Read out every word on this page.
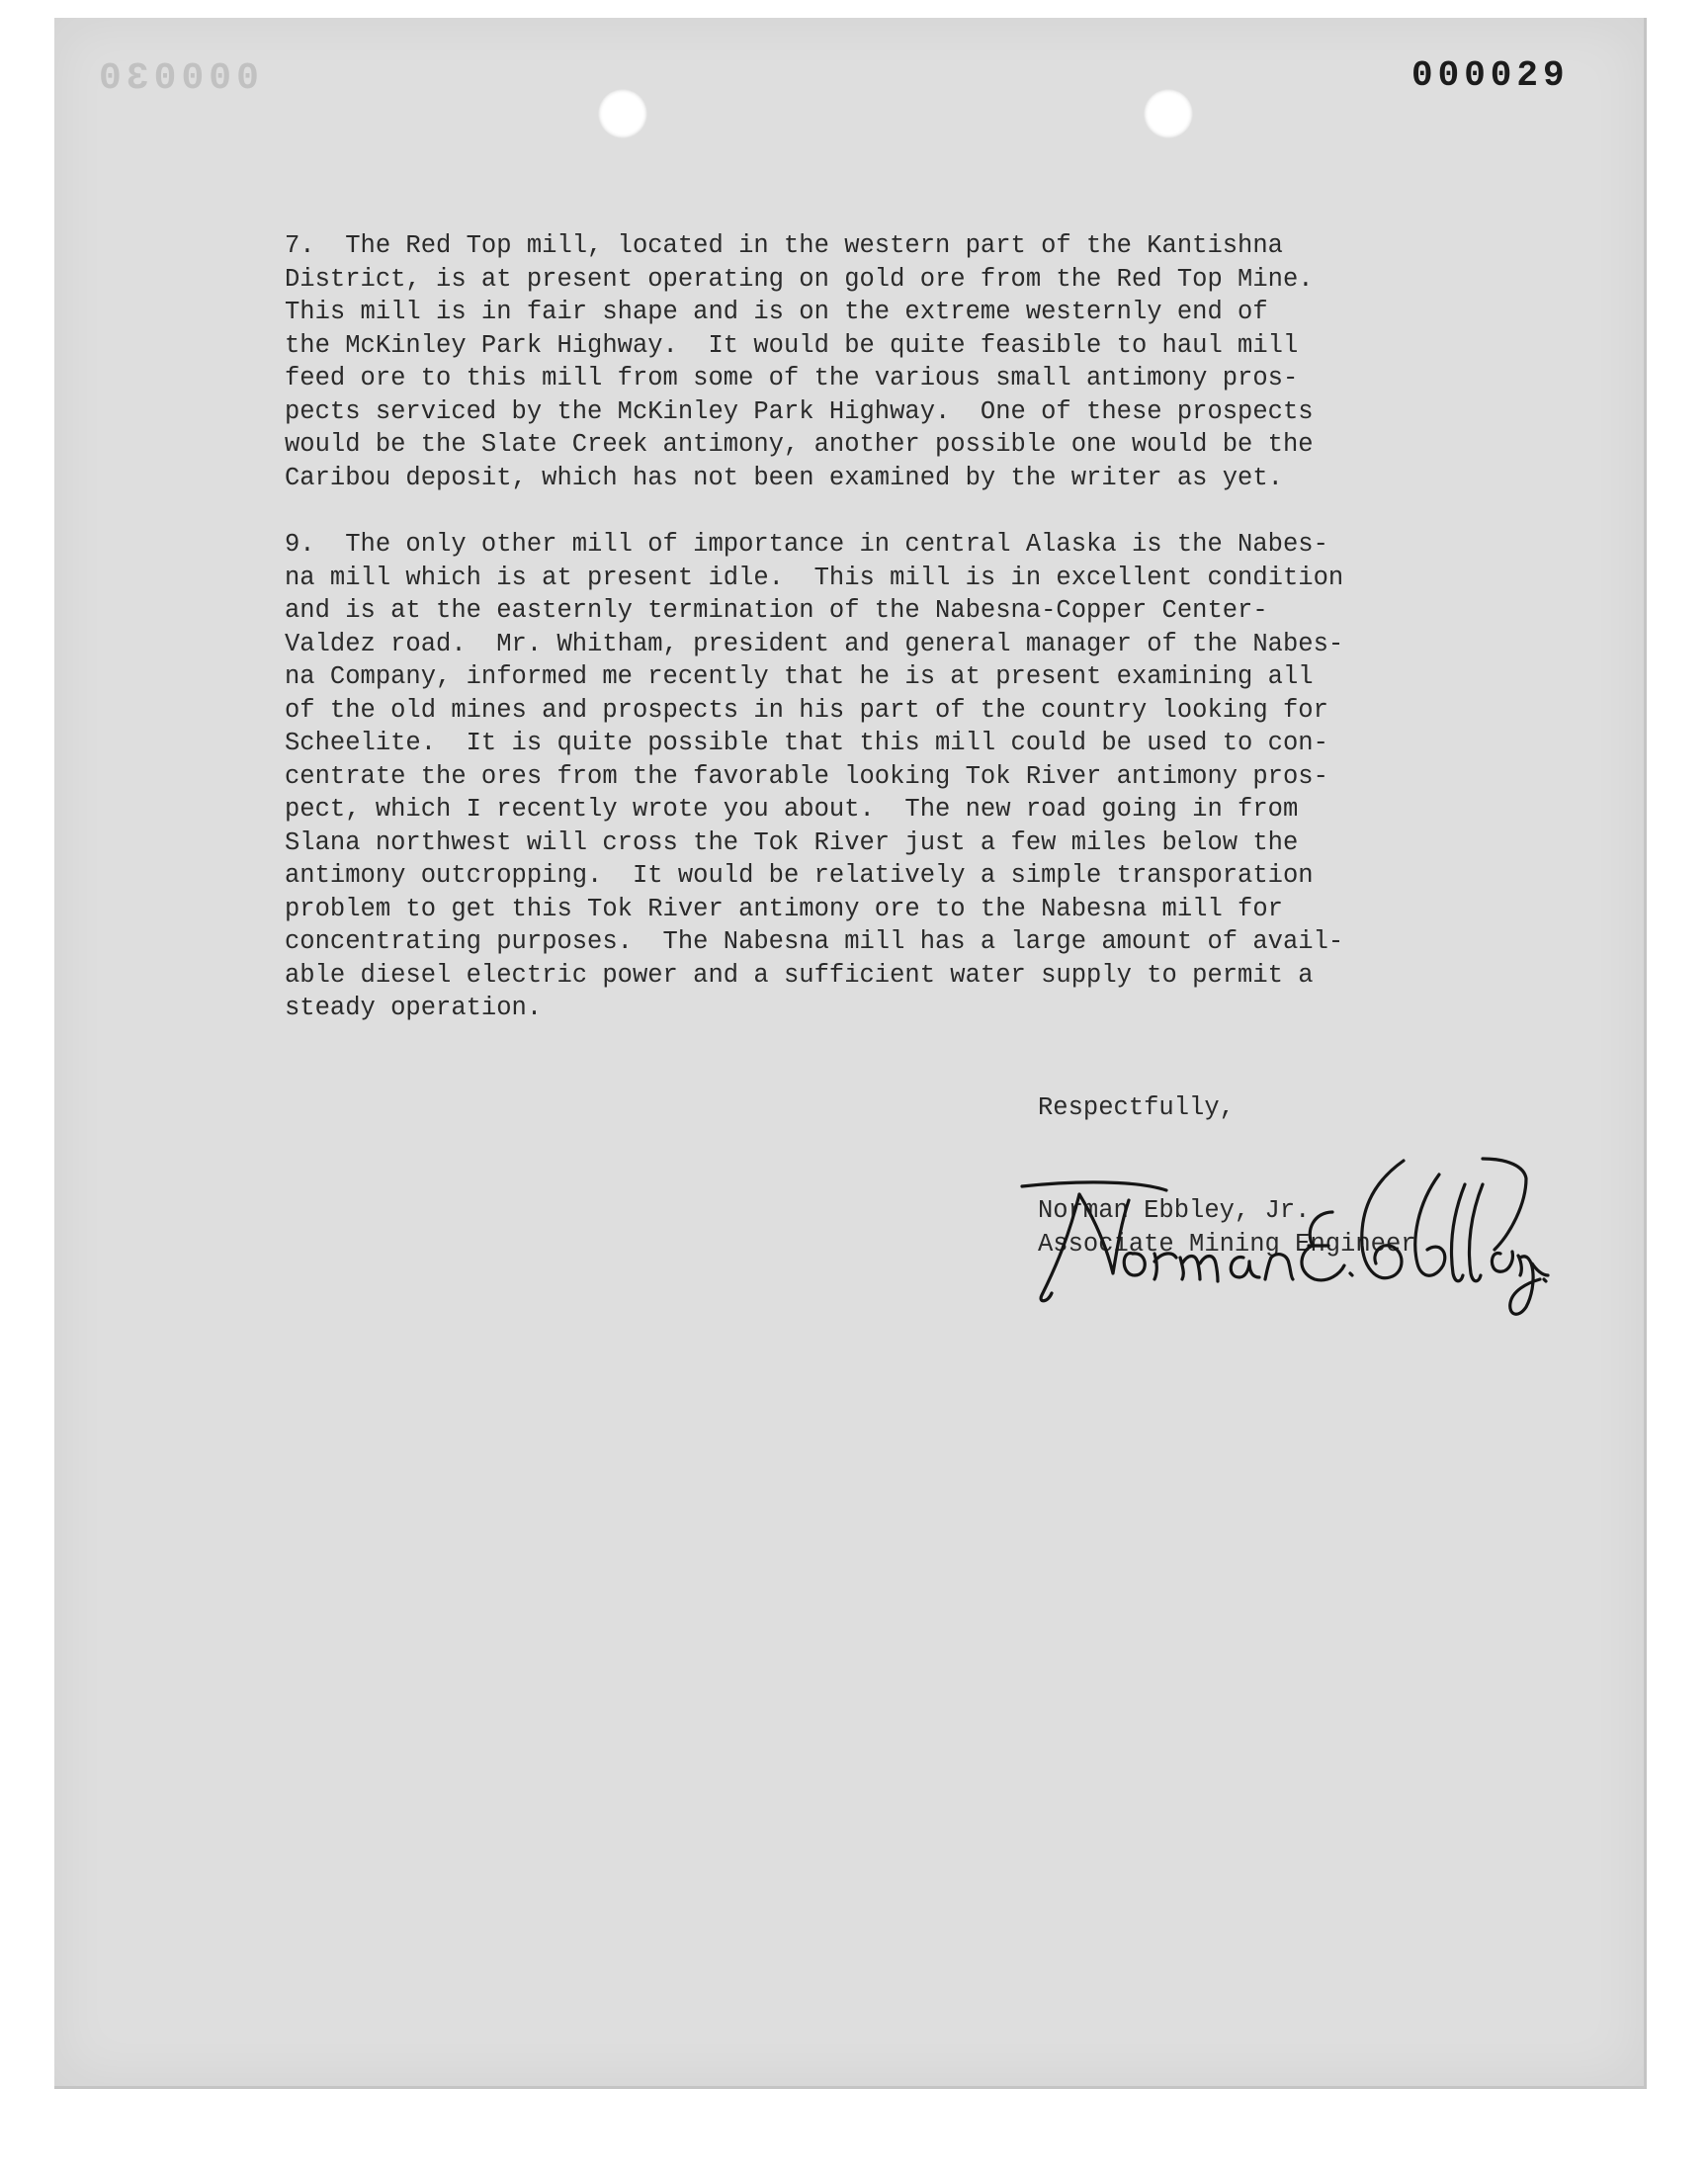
000030	000029

7.  The Red Top mill, located in the western part of the Kantishna
District, is at present operating on gold ore from the Red Top Mine.
This mill is in fair shape and is on the extreme westernly end of
the McKinley Park Highway.  It would be quite feasible to haul mill
feed ore to this mill from some of the various small antimony pros-
pects serviced by the McKinley Park Highway.  One of these prospects
would be the Slate Creek antimony, another possible one would be the
Caribou deposit, which has not been examined by the writer as yet.

9.  The only other mill of importance in central Alaska is the Nabes-
na mill which is at present idle.  This mill is in excellent condition
and is at the easternly termination of the Nabesna-Copper Center-
Valdez road.  Mr. Whitham, president and general manager of the Nabes-
na Company, informed me recently that he is at present examining all
of the old mines and prospects in his part of the country looking for
Scheelite.  It is quite possible that this mill could be used to con-
centrate the ores from the favorable looking Tok River antimony pros-
pect, which I recently wrote you about.  The new road going in from
Slana northwest will cross the Tok River just a few miles below the
antimony outcropping.  It would be relatively a simple transporation
problem to get this Tok River antimony ore to the Nabesna mill for
concentrating purposes.  The Nabesna mill has a large amount of avail-
able diesel electric power and a sufficient water supply to permit a
steady operation.

Respectfully,
Norman Ebbley, Jr.
Associate Mining Engineer
